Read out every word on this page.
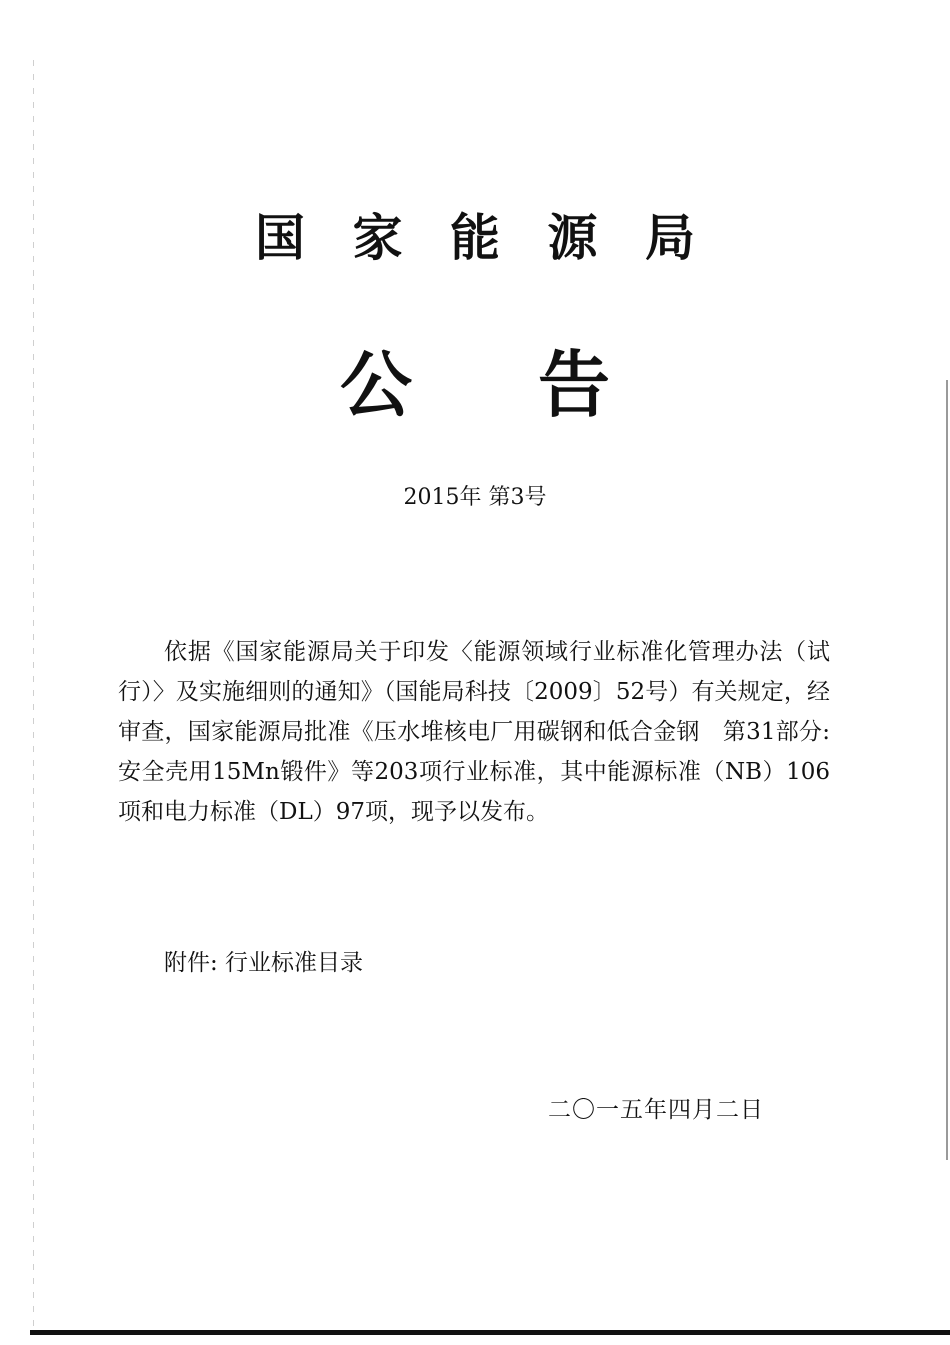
国 家 能 源 局
公 告
2015年 第3号

依据《国家能源局关于印发〈能源领域行业标准化管理办法（试行）〉及实施细则的通知》（国能局科技〔2009〕52号）有关规定，经审查，国家能源局批准《压水堆核电厂用碳钢和低合金钢　第31部分: 安全壳用15Mn锻件》等203项行业标准，其中能源标准（NB）106项和电力标准（DL）97项，现予以发布。

附件: 行业标准目录
二〇一五年四月二日
